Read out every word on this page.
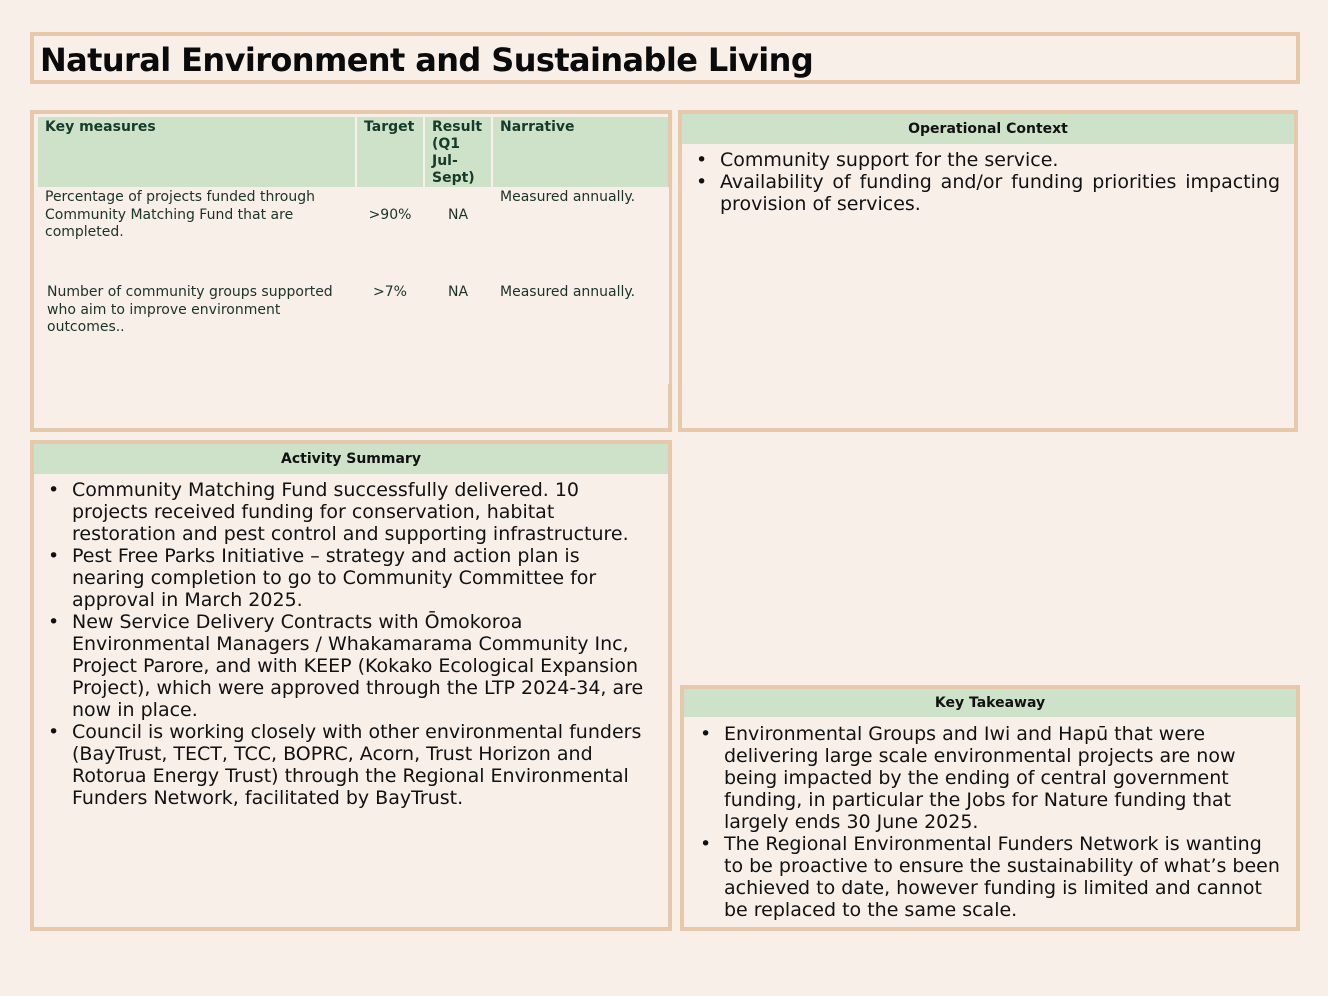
Natural Environment and Sustainable Living
Key measures	Target	Result (Q1 Jul-Sept)	Narrative
Percentage of projects funded through Community Matching Fund that are completed.	>90%	NA	Measured annually.
Number of community groups supported who aim to improve environment outcomes..	>7%	NA	Measured annually.
Operational Context
• Community support for the service.
• Availability of funding and/or funding priorities impacting provision of services.
Activity Summary
• Community Matching Fund successfully delivered. 10 projects received funding for conservation, habitat restoration and pest control and supporting infrastructure.
• Pest Free Parks Initiative – strategy and action plan is nearing completion to go to Community Committee for approval in March 2025.
• New Service Delivery Contracts with Ōmokoroa Environmental Managers / Whakamarama Community Inc, Project Parore, and with KEEP (Kokako Ecological Expansion Project), which were approved through the LTP 2024-34, are now in place.
• Council is working closely with other environmental funders (BayTrust, TECT, TCC, BOPRC, Acorn, Trust Horizon and Rotorua Energy Trust) through the Regional Environmental Funders Network, facilitated by BayTrust.
Key Takeaway
• Environmental Groups and Iwi and Hapū that were delivering large scale environmental projects are now being impacted by the ending of central government funding, in particular the Jobs for Nature funding that largely ends 30 June 2025.
• The Regional Environmental Funders Network is wanting to be proactive to ensure the sustainability of what’s been achieved to date, however funding is limited and cannot be replaced to the same scale.
